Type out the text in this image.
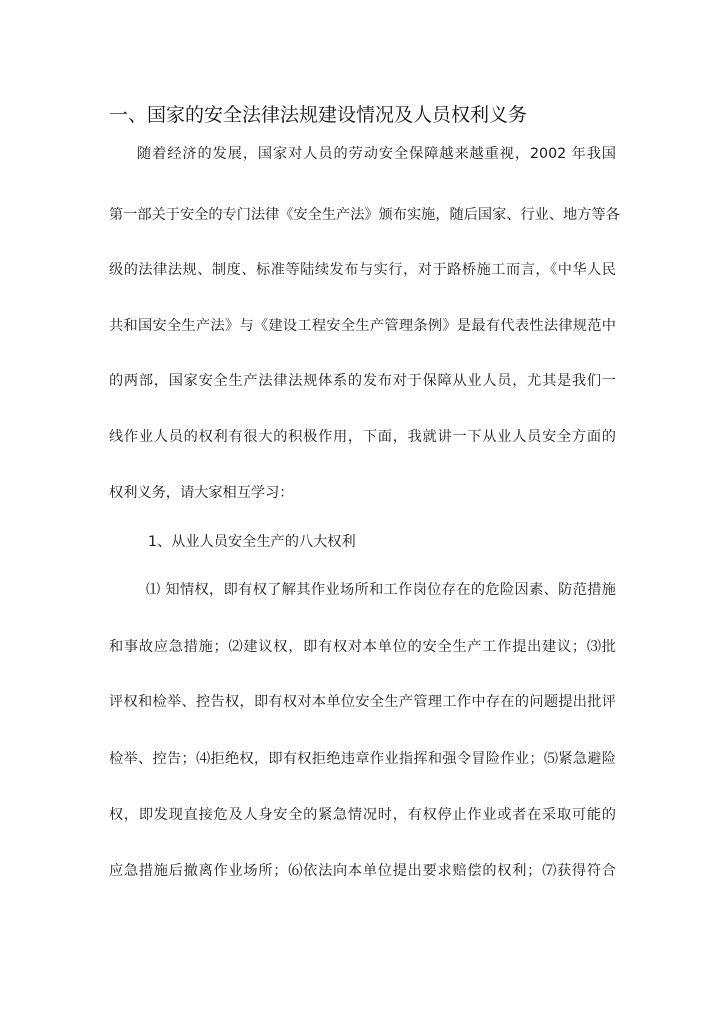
一、国家的安全法律法规建设情况及人员权利义务
随着经济的发展，国家对人员的劳动安全保障越来越重视，2002 年我国
第一部关于安全的专门法律《安全生产法》颁布实施，随后国家、行业、地方等各
级的法律法规、制度、标准等陆续发布与实行，对于路桥施工而言，《中华人民
共和国安全生产法》与《建设工程安全生产管理条例》是最有代表性法律规范中
的两部，国家安全生产法律法规体系的发布对于保障从业人员，尤其是我们一
线作业人员的权利有很大的积极作用，下面，我就讲一下从业人员安全方面的
权利义务，请大家相互学习：
1、从业人员安全生产的八大权利
⑴ 知情权，即有权了解其作业场所和工作岗位存在的危险因素、防范措施
和事故应急措施；⑵建议权，即有权对本单位的安全生产工作提出建议；⑶批
评权和检举、控告权，即有权对本单位安全生产管理工作中存在的问题提出批评
检举、控告；⑷拒绝权，即有权拒绝违章作业指挥和强令冒险作业；⑸紧急避险
权，即发现直接危及人身安全的紧急情况时，有权停止作业或者在采取可能的
应急措施后撤离作业场所；⑹依法向本单位提出要求赔偿的权利；⑺获得符合
